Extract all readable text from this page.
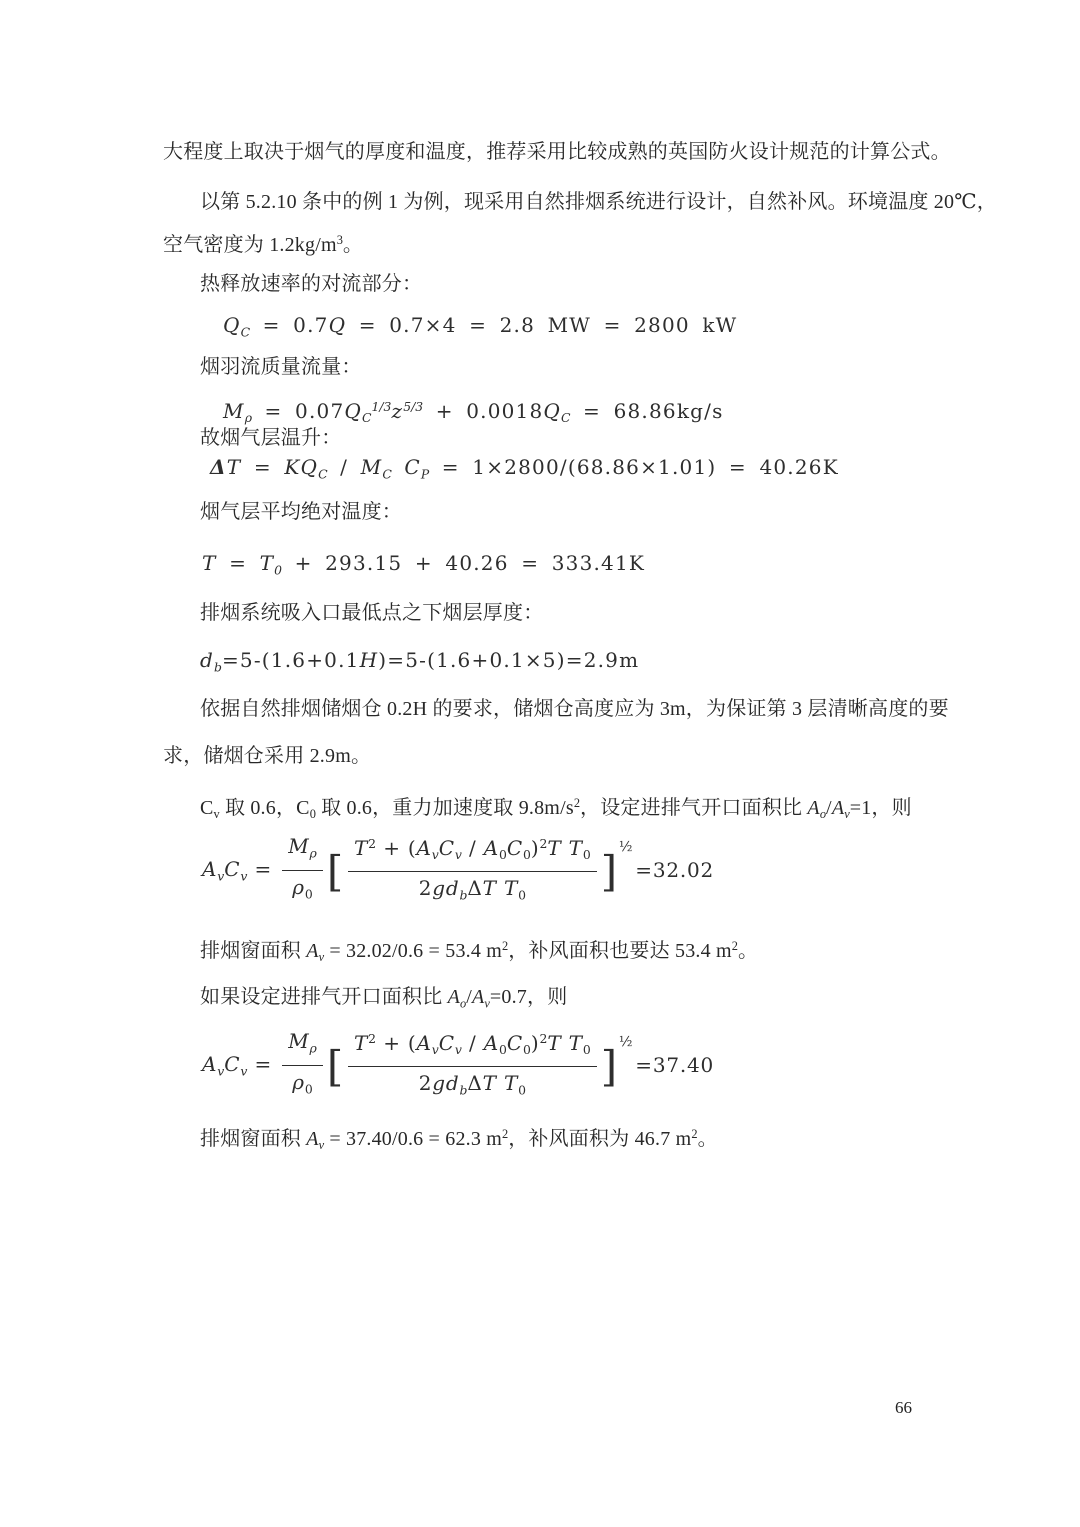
大程度上取决于烟气的厚度和温度，推荐采用比较成熟的英国防火设计规范的计算公式。
以第 5.2.10 条中的例 1 为例，现采用自然排烟系统进行设计，自然补风。环境温度 20℃，
空气密度为 $1.2kg/m^3$。
热释放速率的对流部分：
$Q_C = 0.7Q = 0.7\times 4 = 2.8$ MW = 2800 kW
烟羽流质量流量：
$M_\rho = 0.07Q_C^{1/3}z^{5/3} + 0.0018Q_C = 68.86kg/s$
故烟气层温升：
$\Delta T = KQ_C / M_C$ $C_P = 1\times 2800/(68.86\times 1.01) = 40.26K$
烟气层平均绝对温度：
$T = T_0 + 293.15 + 40.26 = 333.41K$
排烟系统吸入口最低点之下烟层厚度：
$d_b=5-(1.6+0.1H)=5-(1.6+0.1\times 5)=2.9m$
依据自然排烟储烟仓 0.2H 的要求，储烟仓高度应为 3m，为保证第 3 层清晰高度的要
求，储烟仓采用 2.9m。
$C_v$ 取 0.6，$C_0$ 取 0.6，重力加速度取 $9.8m/s^2$，设定进排气开口面积比 $A_o/A_v=1$，则
$A_vC_v = \frac{M_\rho}{\rho_0}$ [ $\frac{T^2 + (A_vC_v / A_0C_0)^2T T_0}{2gd_b\Delta T T_0}$ ] ½
=32.02
排烟窗面积 $A_v = 32.02/0.6 = 53.4$ $m^2$，补风面积也要达 53.4 $m^2$。
如果设定进排气开口面积比 $A_o/A_v=0.7$，则
$A_vC_v = \frac{M_\rho}{\rho_0}$ [ $\frac{T^2 + (A_vC_v / A_0C_0)^2T T_0}{2gd_b\Delta T T_0}$ ] ½
=37.40
排烟窗面积 $A_v = 37.40/0.6 = 62.3$ $m^2$，补风面积为 46.7 $m^2$。
66
